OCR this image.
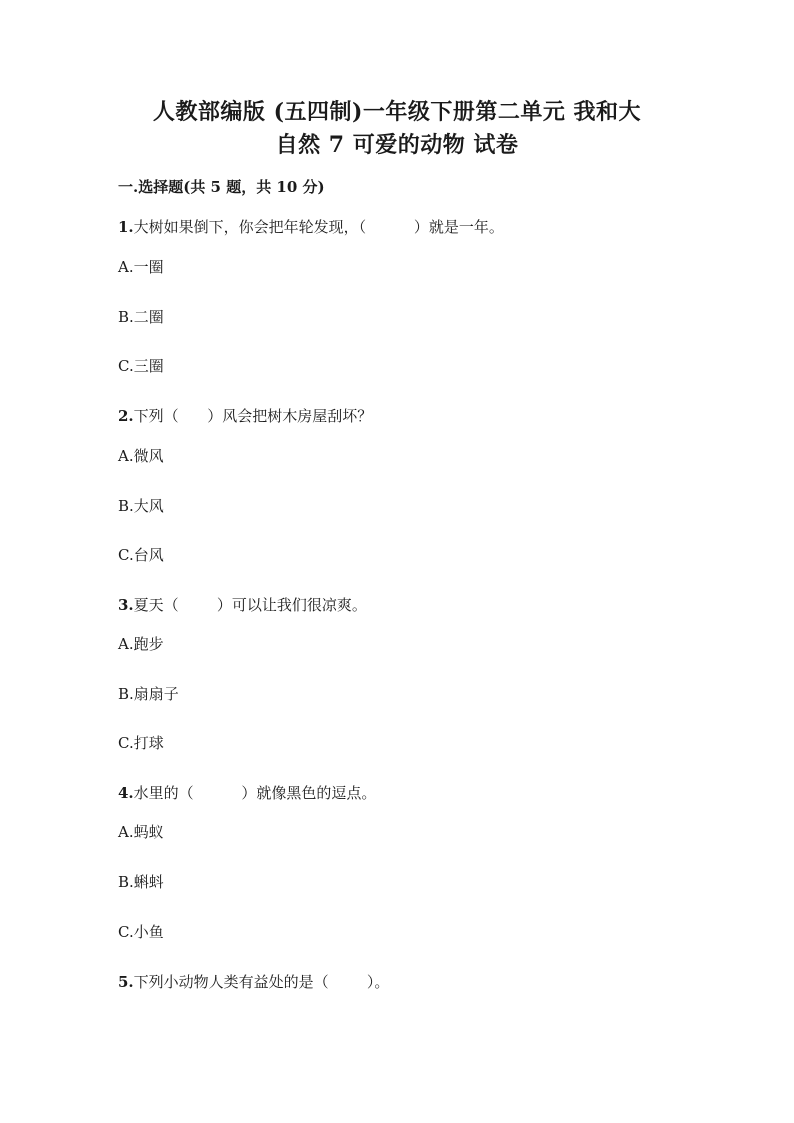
人教部编版 (五四制)一年级下册第二单元 我和大
自然 7 可爱的动物 试卷
一.选择题(共 5 题，共 10 分)
1.大树如果倒下，你会把年轮发现，（          ）就是一年。
A.一圈
B.二圈
C.三圈
2.下列（      ）风会把树木房屋刮坏？
A.微风
B.大风
C.台风
3.夏天（        ）可以让我们很凉爽。
A.跑步
B.扇扇子
C.打球
4.水里的（          ）就像黑色的逗点。
A.蚂蚁
B.蝌蚪
C.小鱼
5.下列小动物人类有益处的是（        ）。
